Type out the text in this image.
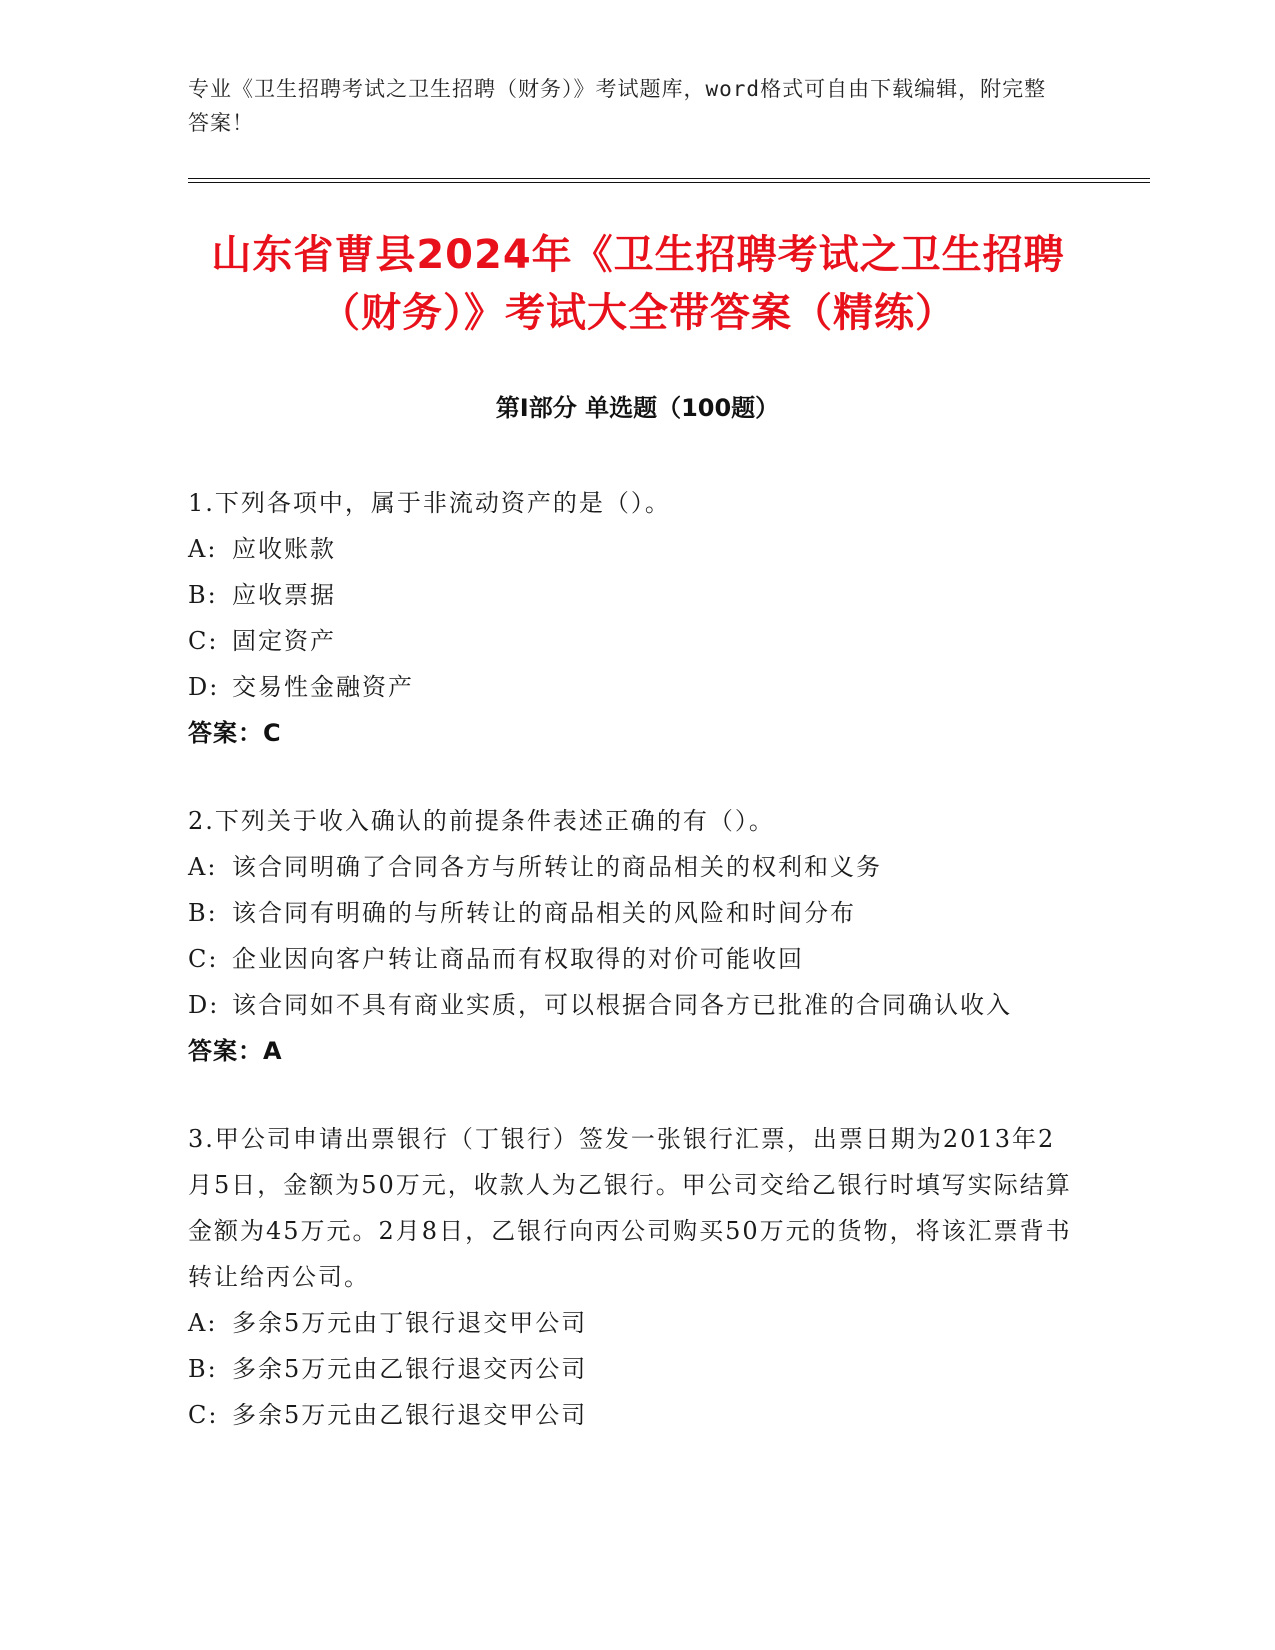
专业《卫生招聘考试之卫生招聘（财务）》考试题库，word格式可自由下载编辑，附完整答案！
山东省曹县2024年《卫生招聘考试之卫生招聘（财务）》考试大全带答案（精练）
第I部分 单选题（100题）
1.下列各项中，属于非流动资产的是（）。
A: 应收账款
B: 应收票据
C: 固定资产
D: 交易性金融资产
答案：C
2.下列关于收入确认的前提条件表述正确的有（）。
A: 该合同明确了合同各方与所转让的商品相关的权利和义务
B: 该合同有明确的与所转让的商品相关的风险和时间分布
C: 企业因向客户转让商品而有权取得的对价可能收回
D: 该合同如不具有商业实质，可以根据合同各方已批准的合同确认收入
答案：A
3.甲公司申请出票银行（丁银行）签发一张银行汇票，出票日期为2013年2月5日，金额为50万元，收款人为乙银行。甲公司交给乙银行时填写实际结算金额为45万元。2月8日，乙银行向丙公司购买50万元的货物，将该汇票背书转让给丙公司。
A: 多余5万元由丁银行退交甲公司
B: 多余5万元由乙银行退交丙公司
C: 多余5万元由乙银行退交甲公司
